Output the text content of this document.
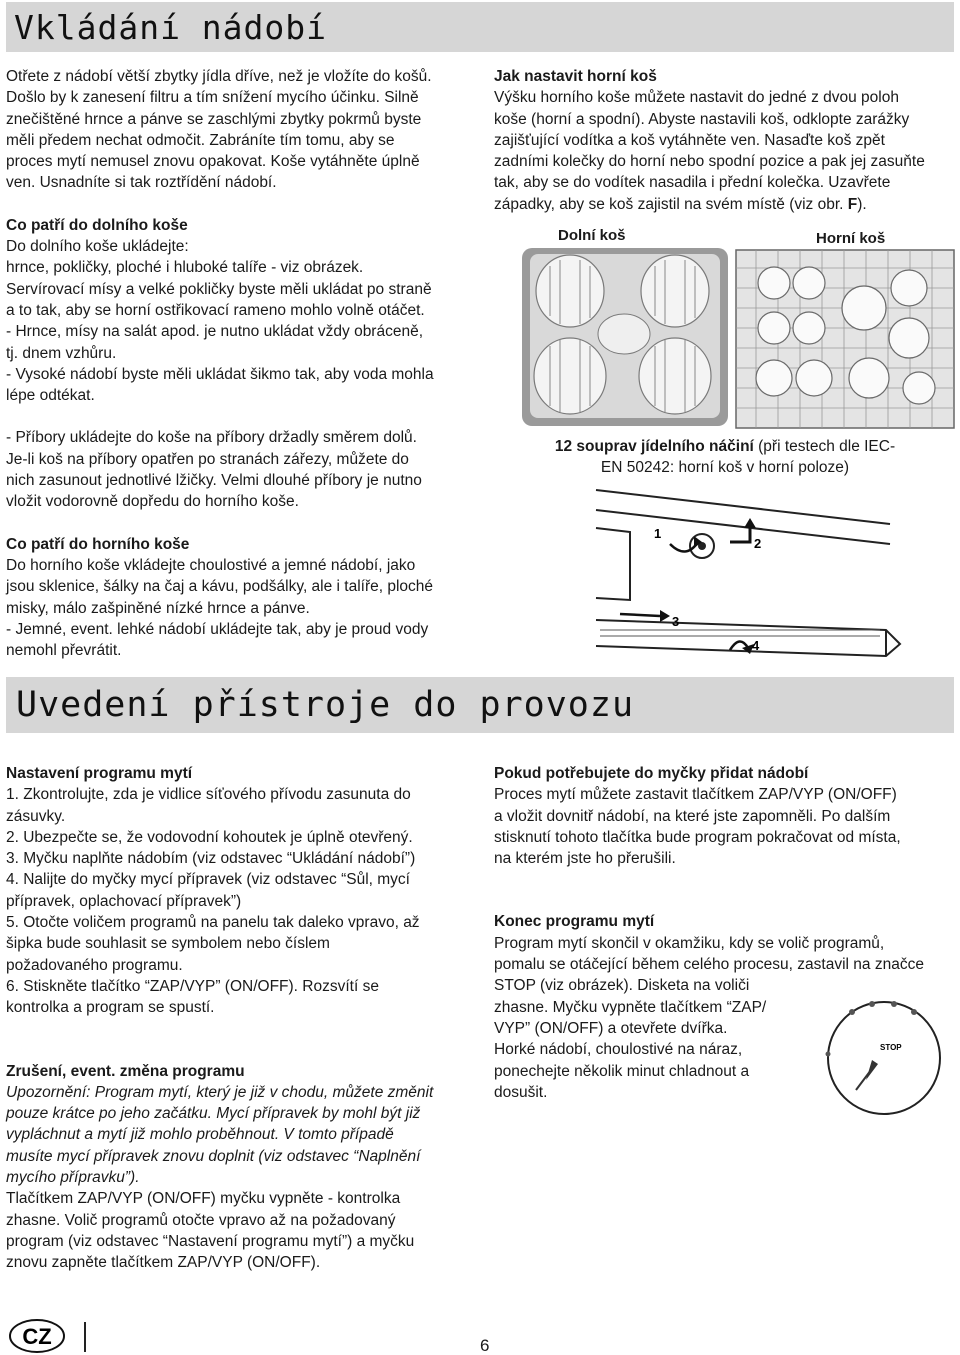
Vkládání nádobí

Otřete z nádobí větší zbytky jídla dříve, než je vložíte do košů.

Došlo by k zanesení filtru a tím snížení mycího účinku. Silně

znečištěné hrnce a pánve se zaschlými zbytky pokrmů byste

měli předem nechat odmočit. Zabráníte tím tomu, aby se

proces mytí nemusel znovu opakovat. Koše vytáhněte úplně

ven. Usnadníte si tak roztřídění nádobí.

Co patří do dolního koše

Do dolního koše ukládejte:

hrnce, pokličky, ploché i hluboké talíře - viz obrázek.

Servírovací mísy a velké pokličky byste měli ukládat po straně

a to tak, aby se horní ostřikovací rameno mohlo volně otáčet.

- Hrnce, mísy na salát apod. je nutno ukládat vždy obráceně,

tj. dnem vzhůru.

- Vysoké nádobí byste měli ukládat šikmo tak, aby voda mohla

lépe odtékat.

- Příbory ukládejte do koše na příbory držadly směrem dolů.

Je-li koš na příbory opatřen po stranách zářezy, můžete do

nich zasunout jednotlivé lžičky. Velmi dlouhé příbory je nutno

vložit vodorovně dopředu do horního koše.

Co patří do horního koše

Do horního koše vkládejte choulostivé a jemné nádobí, jako

jsou sklenice, šálky na čaj a kávu, podšálky, ale i talíře, ploché

misky, málo zašpiněné nízké hrnce a pánve.

- Jemné, event. lehké nádobí ukládejte tak, aby je proud vody

nemohl převrátit.

Jak nastavit horní koš

Výšku horního koše můžete nastavit do jedné z dvou poloh

koše (horní a spodní). Abyste nastavili koš, odklopte zarážky

zajišťující vodítka a koš vytáhněte ven. Nasaďte koš zpět

zadními kolečky do horní nebo spodní pozice a pak jej zasuňte

tak, aby se do vodítek nasadila i přední kolečka. Uzavřete

západky, aby se koš zajistil na svém místě (viz obr. F).

Dolní koš	Horní koš

12 souprav jídelního náčiní (při testech dle IEC-

EN 50242: horní koš v horní poloze)

1
2
3
4
Uvedení přístroje do provozu

Nastavení programu mytí

1. Zkontrolujte, zda je vidlice síťového přívodu zasunuta do

zásuvky.

2. Ubezpečte se, že vodovodní kohoutek je úplně otevřený.

3. Myčku naplňte nádobím (viz odstavec “Ukládání nádobí”)

4. Nalijte do myčky mycí přípravek (viz odstavec “Sůl, mycí

přípravek, oplachovací přípravek”)

5. Otočte voličem programů na panelu tak daleko vpravo, až

šipka bude souhlasit se symbolem nebo číslem

požadovaného programu.

6. Stiskněte tlačítko “ZAP/VYP” (ON/OFF). Rozsvítí se

kontrolka a program se spustí.

Zrušení, event. změna programu

Upozornění: Program mytí, který je již v chodu, můžete změnit

pouze krátce po jeho začátku. Mycí přípravek by mohl být již

vypláchnut a mytí již mohlo proběhnout. V tomto případě

musíte mycí přípravek znovu doplnit (viz odstavec “Naplnění

mycího přípravku”).

Tlačítkem ZAP/VYP (ON/OFF) myčku vypněte - kontrolka

zhasne. Volič programů otočte vpravo až na požadovaný

program (viz odstavec “Nastavení programu mytí”) a myčku

znovu zapněte tlačítkem ZAP/VYP (ON/OFF).

Pokud potřebujete do myčky přidat nádobí

Proces mytí můžete zastavit tlačítkem ZAP/VYP (ON/OFF)

a vložit dovnitř nádobí, na které jste zapomněli. Po dalším

stisknutí tohoto tlačítka bude program pokračovat od místa,

na kterém jste ho přerušili.

Konec programu mytí

Program mytí skončil v okamžiku, kdy se volič programů,

pomalu se otáčející během celého procesu, zastavil na značce

STOP (viz obrázek). Disketa na voliči

zhasne. Myčku vypněte tlačítkem “ZAP/

VYP” (ON/OFF) a otevřete dvířka.

Horké nádobí, choulostivé na náraz,

ponechejte několik minut chladnout a

dosušit.

STOP
CZ	6
